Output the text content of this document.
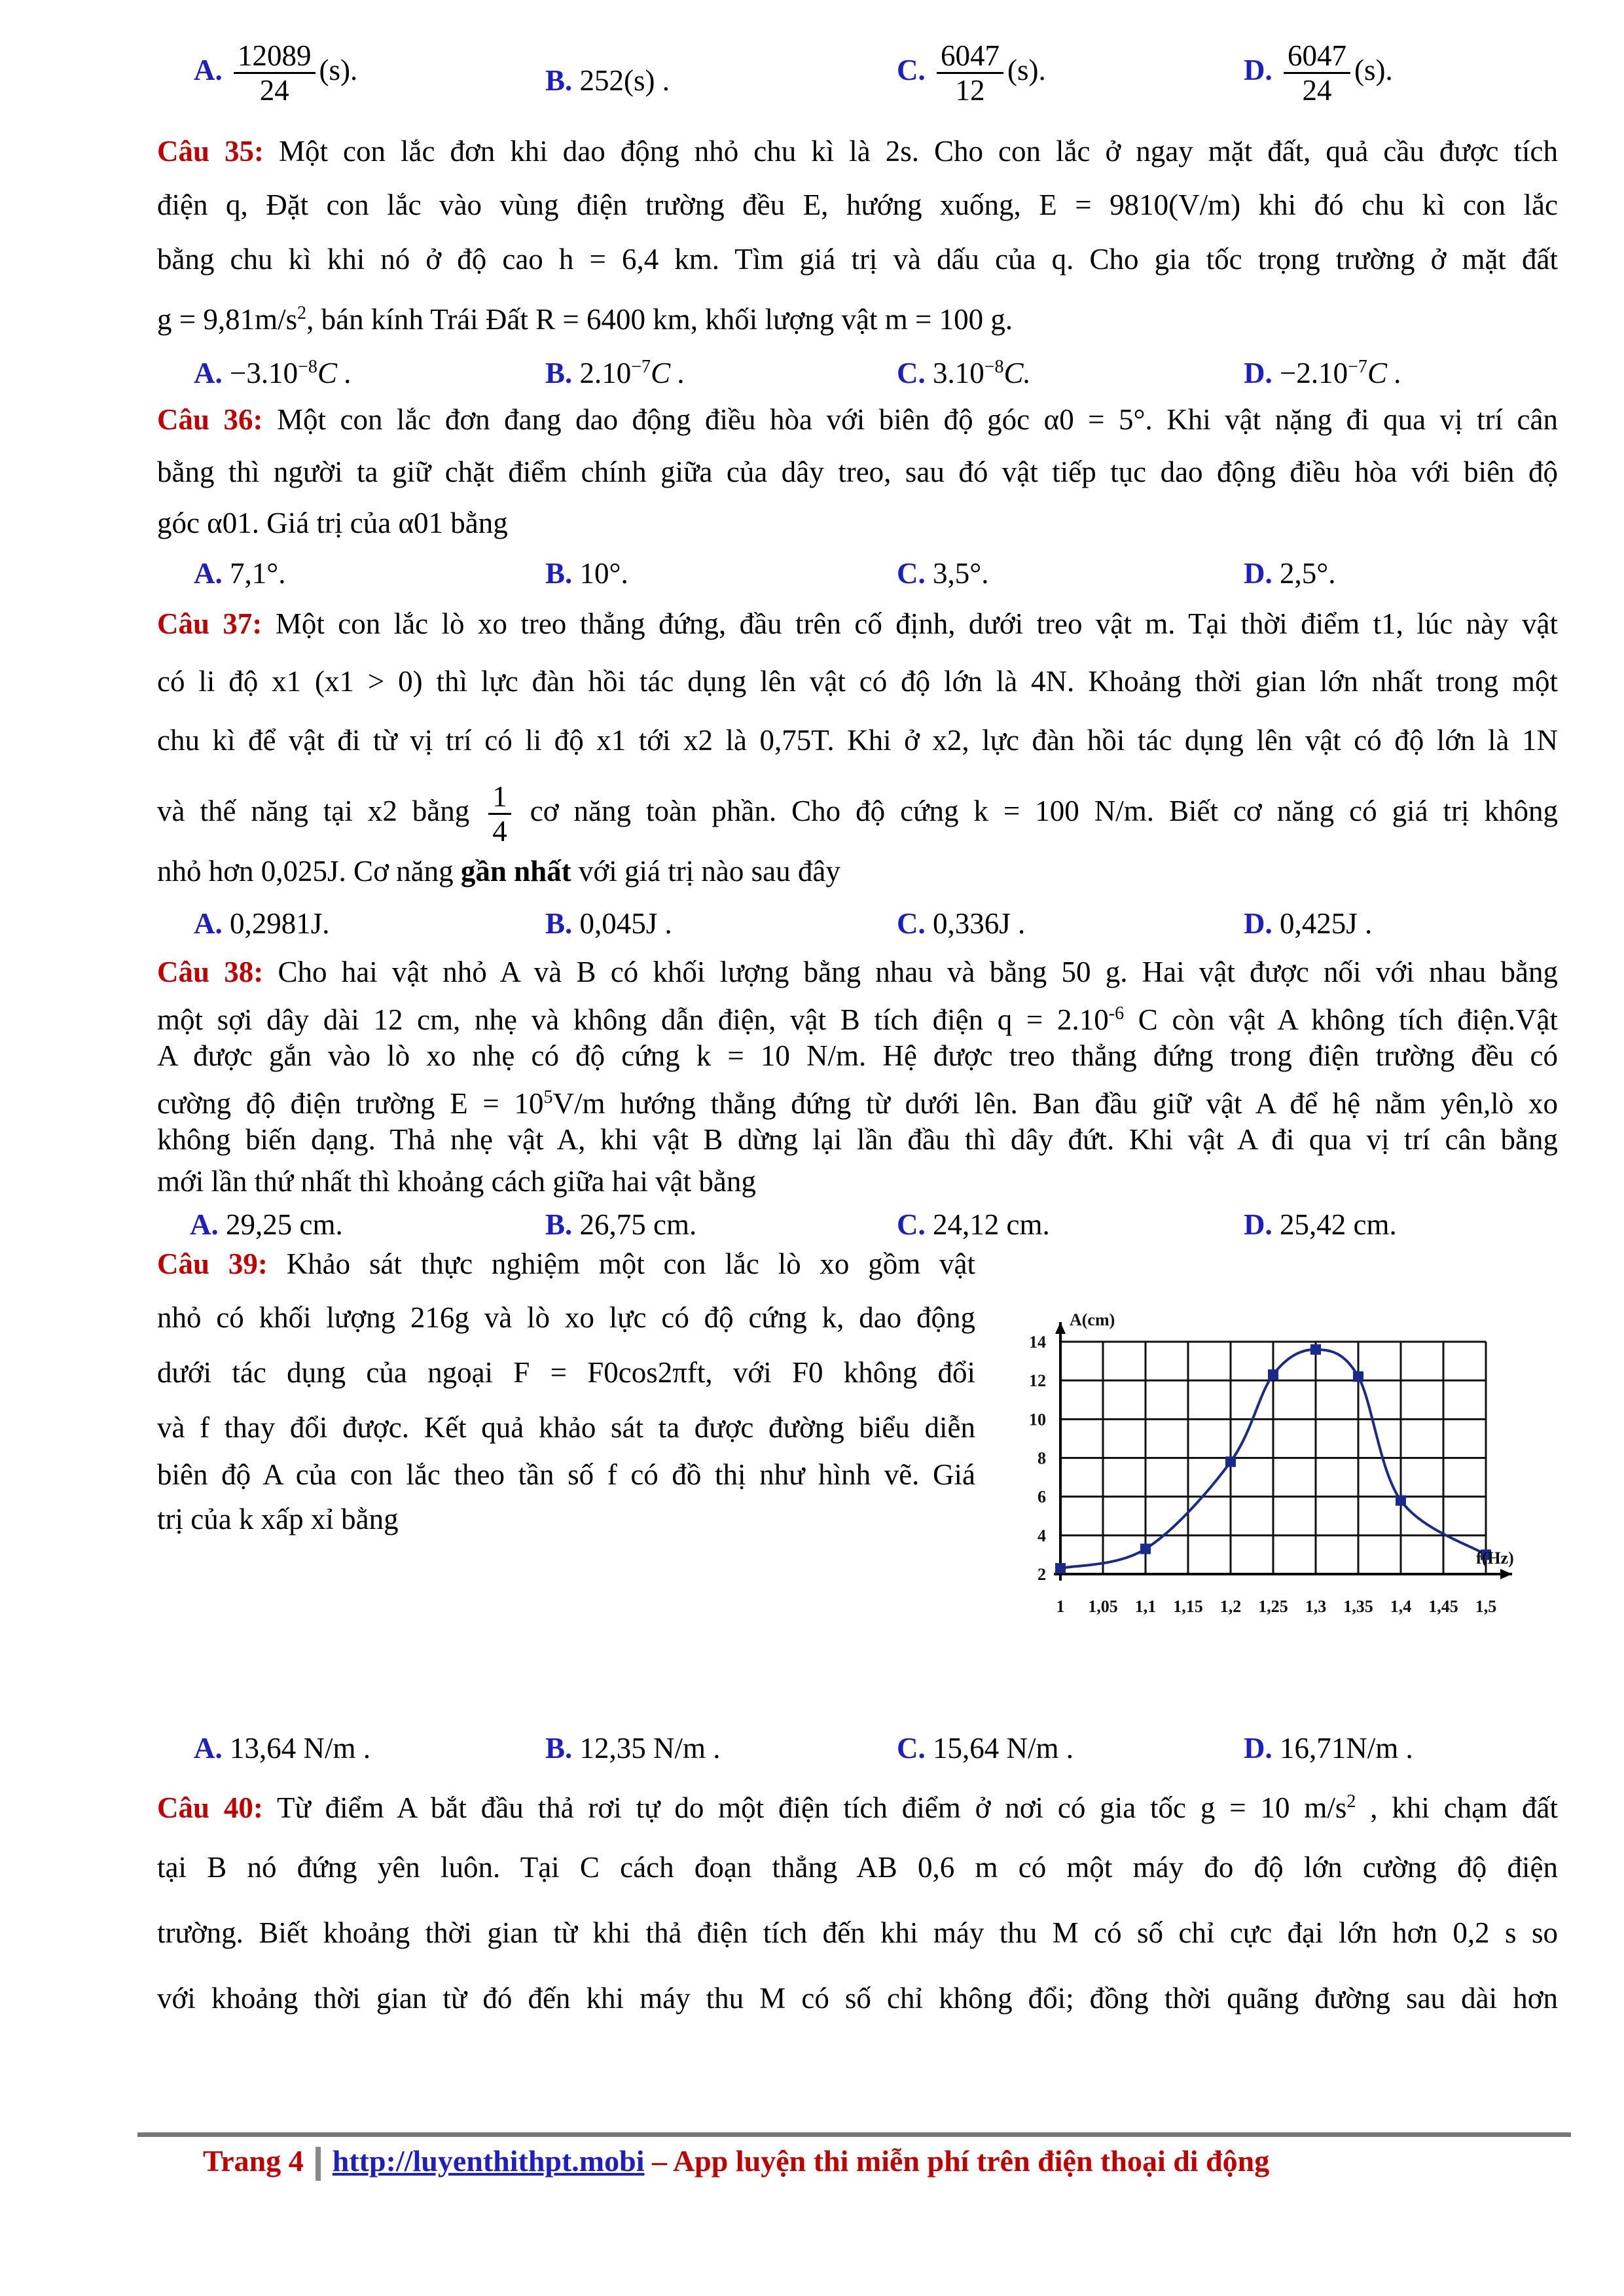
A. $\frac{12089}{24} (s)$.	B. 252(s) .	C. $\frac{6047}{12} (s)$.	D. $\frac{6047}{24} (s)$.
Câu 35: Một con lắc đơn khi dao động nhỏ chu kì là 2s. Cho con lắc ở ngay mặt đất, quả cầu được tích
điện q, Đặt con lắc vào vùng điện trường đều E, hướng xuống, E = 9810(V/m) khi đó chu kì con lắc
bằng chu kì khi nó ở độ cao h = 6,4 km. Tìm giá trị và dấu của q. Cho gia tốc trọng trường ở mặt đất
$g = 9,81m/s^2$, bán kính Trái Đất R = 6400 km, khối lượng vật m = 100 g.
A. $-3.10^{-8}C$ .	B. $2.10^{-7}C$ .	C. $3.10^{-8}C$.	D. $-2.10^{-7}C$ .
Câu 36: Một con lắc đơn đang dao động điều hòa với biên độ góc α0 = 5°. Khi vật nặng đi qua vị trí cân
bằng thì người ta giữ chặt điểm chính giữa của dây treo, sau đó vật tiếp tục dao động điều hòa với biên độ
góc α01. Giá trị của α01 bằng
A. 7,1°.	B. 10°.	C. 3,5°.	D. 2,5°.
Câu 37: Một con lắc lò xo treo thẳng đứng, đầu trên cố định, dưới treo vật m. Tại thời điểm t1, lúc này vật
có li độ x1 (x1 > 0) thì lực đàn hồi tác dụng lên vật có độ lớn là 4N. Khoảng thời gian lớn nhất trong một
chu kì để vật đi từ vị trí có li độ x1 tới x2 là 0,75T. Khi ở x2, lực đàn hồi tác dụng lên vật có độ lớn là 1N
và thế năng tại x2 bằng $\frac{1}{4}$ cơ năng toàn phần. Cho độ cứng k = 100 N/m. Biết cơ năng có giá trị không
nhỏ hơn 0,025J. Cơ năng gần nhất với giá trị nào sau đây
A. 0,2981J.	B. 0,045J .	C. 0,336J .	D. 0,425J .
Câu 38: Cho hai vật nhỏ A và B có khối lượng bằng nhau và bằng 50 g. Hai vật được nối với nhau bằng
một sợi dây dài 12 cm, nhẹ và không dẫn điện, vật B tích điện $q = 2.10^{-6}$ C còn vật A không tích điện.Vật
A được gắn vào lò xo nhẹ có độ cứng k = 10 N/m. Hệ được treo thẳng đứng trong điện trường đều có
cường độ điện trường $E = 10^5V/m$ hướng thẳng đứng từ dưới lên. Ban đầu giữ vật A để hệ nằm yên,lò xo
không biến dạng. Thả nhẹ vật A, khi vật B dừng lại lần đầu thì dây đứt. Khi vật A đi qua vị trí cân bằng
mới lần thứ nhất thì khoảng cách giữa hai vật bằng
A. 29,25 cm.	B. 26,75 cm.	C. 24,12 cm.	D. 25,42 cm.
Câu 39: Khảo sát thực nghiệm một con lắc lò xo gồm vật
nhỏ có khối lượng 216g và lò xo lực có độ cứng k, dao động
dưới tác dụng của ngoại F = F0cos2πft, với F0 không đổi
và f thay đổi được. Kết quả khảo sát ta được đường biểu diễn
biên độ A của con lắc theo tần số f có đồ thị như hình vẽ. Giá
trị của k xấp xỉ bằng
1 1,05 1,1 1,15 1,2 1,25 1,3 1,35 1,4 1,45 1,5
2
4
6
8
10
12
14
A(cm)
f(Hz)
A. 13,64 N/m .	B. 12,35 N/m .	C. 15,64 N/m .	D. 16,71N/m .
Câu 40: Từ điểm A bắt đầu thả rơi tự do một điện tích điểm ở nơi có gia tốc g = 10 $m/s^2$ , khi chạm đất
tại B nó đứng yên luôn. Tại C cách đoạn thẳng AB 0,6 m có một máy đo độ lớn cường độ điện
trường. Biết khoảng thời gian từ khi thả điện tích đến khi máy thu M có số chỉ cực đại lớn hơn 0,2 s so
với khoảng thời gian từ đó đến khi máy thu M có số chỉ không đổi; đồng thời quãng đường sau dài hơn
Trang 4 http://luyenthithpt.mobi – App luyện thi miễn phí trên điện thoại di động
